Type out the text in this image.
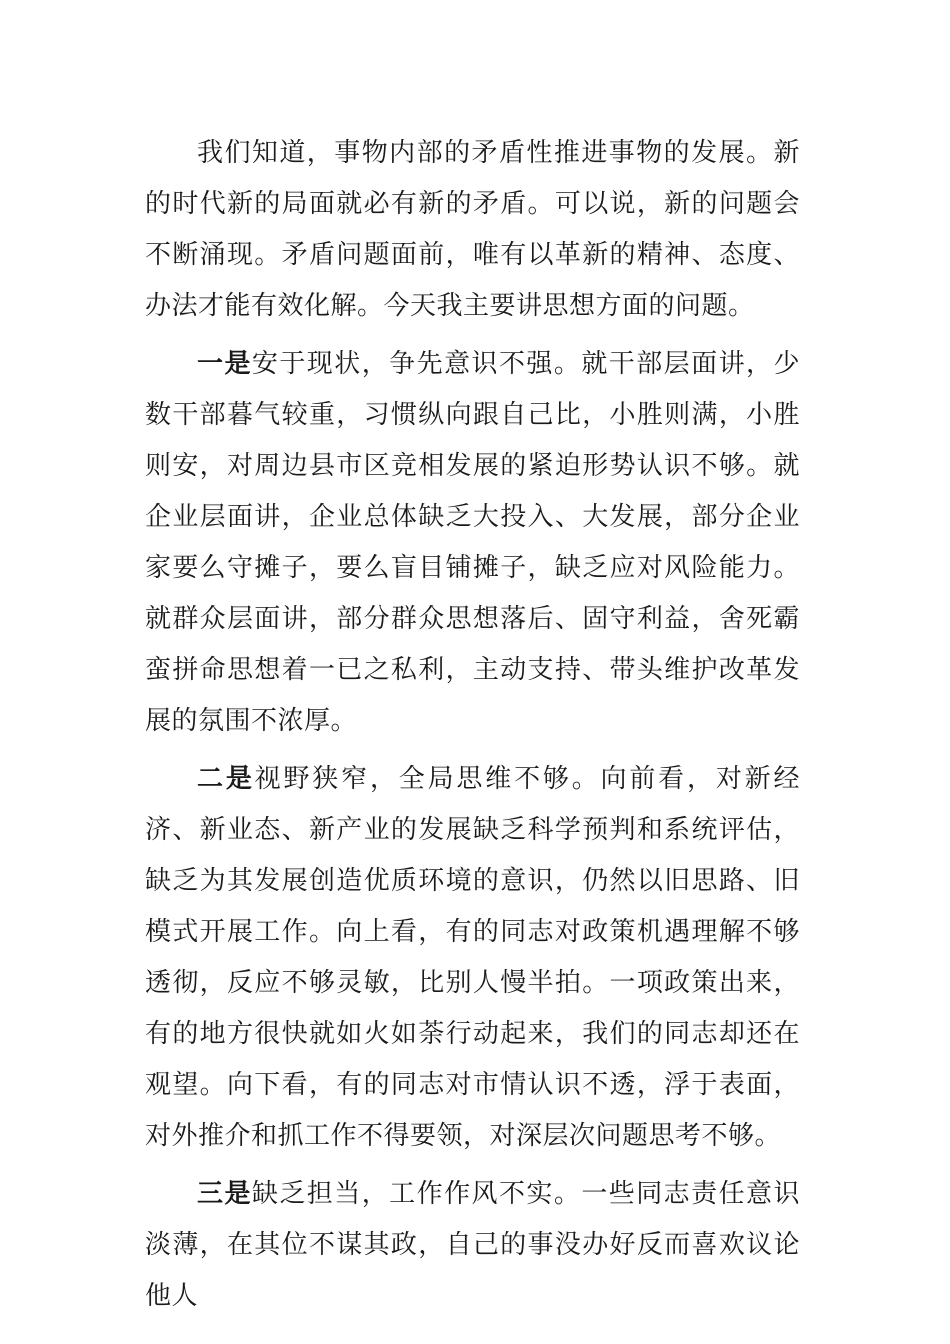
我们知道，事物内部的矛盾性推进事物的发展。新的时代新的局面就必有新的矛盾。可以说，新的问题会不断涌现。矛盾问题面前，唯有以革新的精神、态度、办法才能有效化解。今天我主要讲思想方面的问题。

一是安于现状，争先意识不强。就干部层面讲，少数干部暮气较重，习惯纵向跟自己比，小胜则满，小胜则安，对周边县市区竞相发展的紧迫形势认识不够。就企业层面讲，企业总体缺乏大投入、大发展，部分企业家要么守摊子，要么盲目铺摊子，缺乏应对风险能力。就群众层面讲，部分群众思想落后、固守利益，舍死霸蛮拼命思想着一已之私利，主动支持、带头维护改革发展的氛围不浓厚。

二是视野狭窄，全局思维不够。向前看，对新经济、新业态、新产业的发展缺乏科学预判和系统评估，缺乏为其发展创造优质环境的意识，仍然以旧思路、旧模式开展工作。向上看，有的同志对政策机遇理解不够透彻，反应不够灵敏，比别人慢半拍。一项政策出来，有的地方很快就如火如荼行动起来，我们的同志却还在观望。向下看，有的同志对市情认识不透，浮于表面，对外推介和抓工作不得要领，对深层次问题思考不够。

三是缺乏担当，工作作风不实。一些同志责任意识淡薄，在其位不谋其政，自己的事没办好反而喜欢议论他人
